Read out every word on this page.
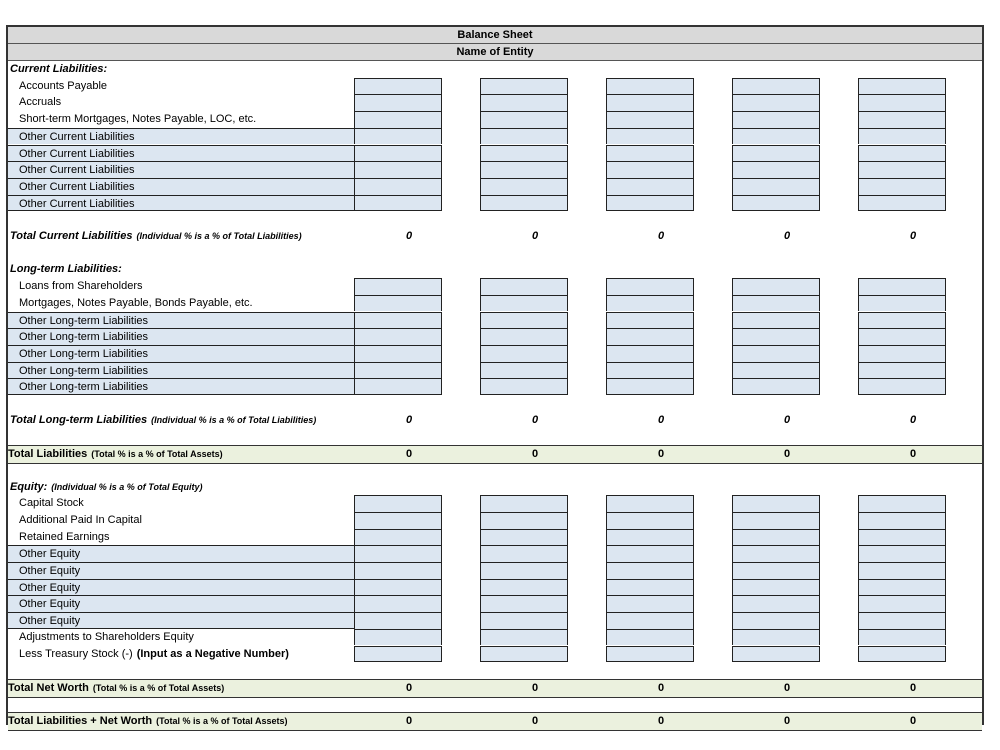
Balance Sheet
Name of Entity
Current Liabilities:
Accounts Payable
Accruals
Short-term Mortgages, Notes Payable, LOC, etc.
Other Current Liabilities
Other Current Liabilities
Other Current Liabilities
Other Current Liabilities
Other Current Liabilities
Total Current Liabilities (Individual % is a % of Total Liabilities)	0	0	0	0	0
Long-term Liabilities:
Loans from Shareholders
Mortgages, Notes Payable, Bonds Payable, etc.
Other Long-term Liabilities
Other Long-term Liabilities
Other Long-term Liabilities
Other Long-term Liabilities
Other Long-term Liabilities
Total Long-term Liabilities (Individual % is a % of Total Liabilities)	0	0	0	0	0
Total Liabilities (Total % is a % of Total Assets)	0	0	0	0	0
Equity: (Individual % is a % of Total Equity)
Capital Stock
Additional Paid In Capital
Retained Earnings
Other Equity
Other Equity
Other Equity
Other Equity
Other Equity
Adjustments to Shareholders Equity
Less Treasury Stock (-) (Input as a Negative Number)
Total Net Worth (Total % is a % of Total Assets)	0	0	0	0	0
Total Liabilities + Net Worth (Total % is a % of Total Assets)	0	0	0	0	0
